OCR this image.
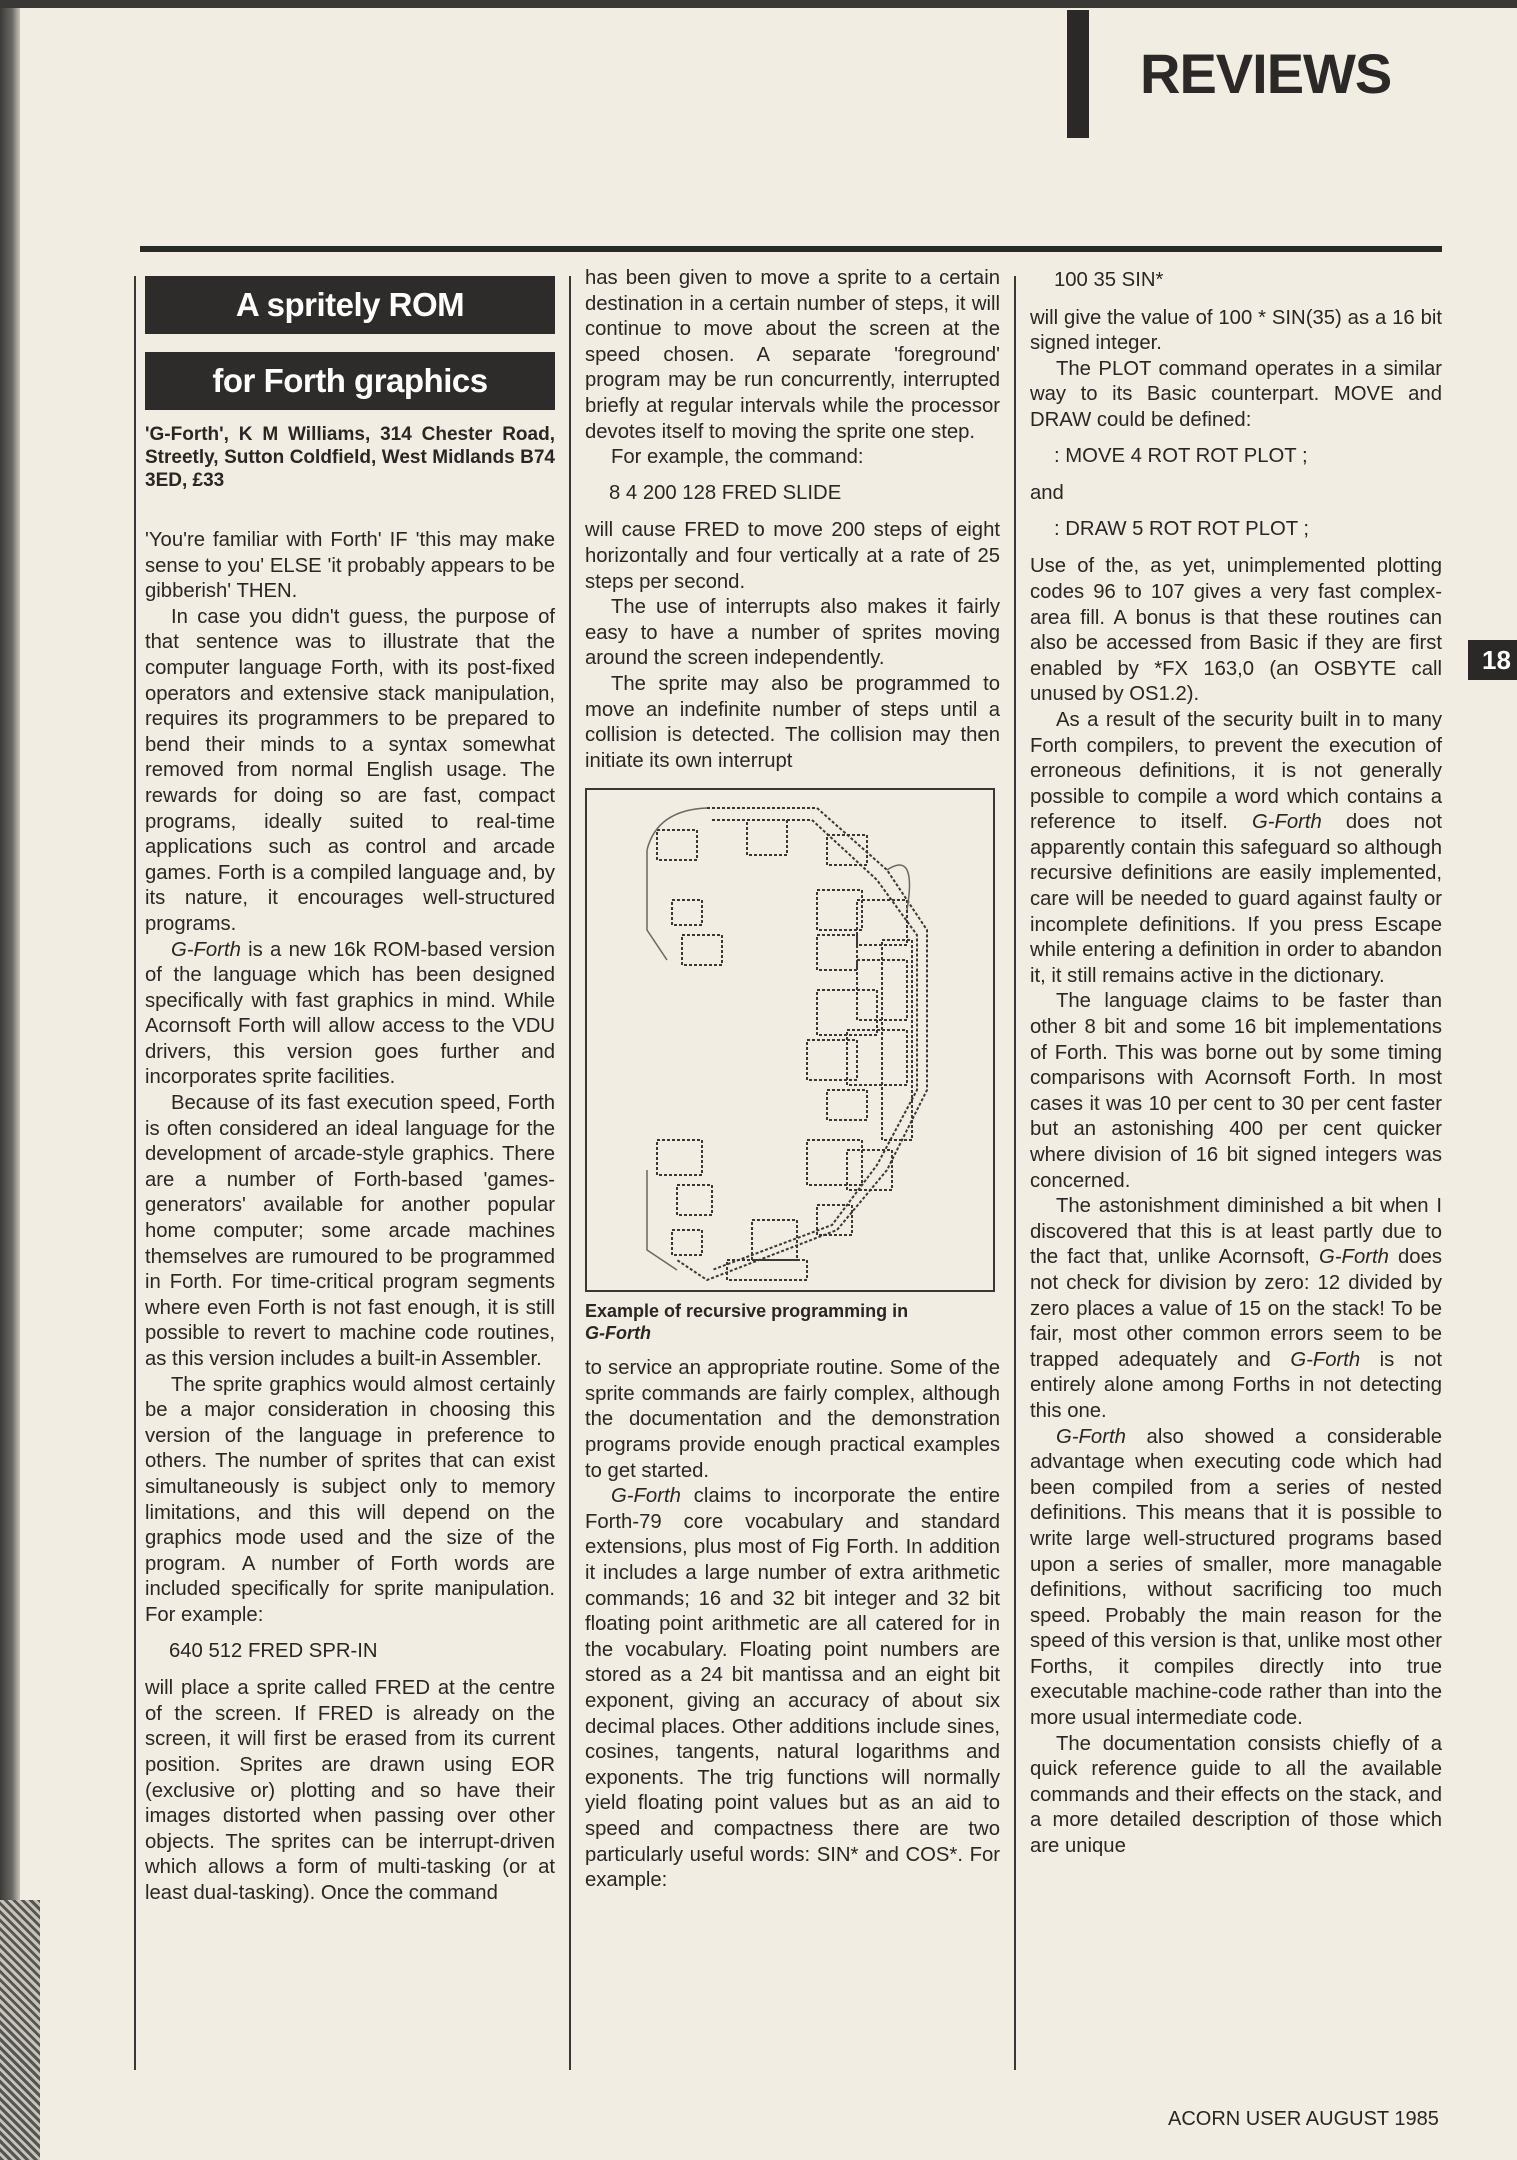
REVIEWS
18
A spritely ROM
for Forth graphics
'G-Forth', K M Williams, 314 Chester Road, Streetly, Sutton Coldfield, West Midlands B74 3ED, £33

'You're familiar with Forth' IF 'this may make sense to you' ELSE 'it probably appears to be gibberish' THEN.

In case you didn't guess, the purpose of that sentence was to illustrate that the computer language Forth, with its post-fixed operators and extensive stack manipulation, requires its programmers to be prepared to bend their minds to a syntax somewhat removed from normal English usage. The rewards for doing so are fast, compact programs, ideally suited to real-time applications such as control and arcade games. Forth is a compiled language and, by its nature, it encourages well-structured programs.

G-Forth is a new 16k ROM-based version of the language which has been designed specifically with fast graphics in mind. While Acornsoft Forth will allow access to the VDU drivers, this version goes further and incorporates sprite facilities.

Because of its fast execution speed, Forth is often considered an ideal language for the development of arcade-style graphics. There are a number of Forth-based 'games-generators' available for another popular home computer; some arcade machines themselves are rumoured to be programmed in Forth. For time-critical program segments where even Forth is not fast enough, it is still possible to revert to machine code routines, as this version includes a built-in Assembler.

The sprite graphics would almost certainly be a major consideration in choosing this version of the language in preference to others. The number of sprites that can exist simultaneously is subject only to memory limitations, and this will depend on the graphics mode used and the size of the program. A number of Forth words are included specifically for sprite manipulation. For example:

640 512 FRED SPR-IN

will place a sprite called FRED at the centre of the screen. If FRED is already on the screen, it will first be erased from its current position. Sprites are drawn using EOR (exclusive or) plotting and so have their images distorted when passing over other objects. The sprites can be interrupt-driven which allows a form of multi-tasking (or at least dual-tasking). Once the command

has been given to move a sprite to a certain destination in a certain number of steps, it will continue to move about the screen at the speed chosen. A separate 'foreground' program may be run concurrently, interrupted briefly at regular intervals while the processor devotes itself to moving the sprite one step.

For example, the command:

8 4 200 128 FRED SLIDE

will cause FRED to move 200 steps of eight horizontally and four vertically at a rate of 25 steps per second.

The use of interrupts also makes it fairly easy to have a number of sprites moving around the screen independently.

The sprite may also be programmed to move an indefinite number of steps until a collision is detected. The collision may then initiate its own interrupt

Example of recursive programming in
G-Forth

to service an appropriate routine. Some of the sprite commands are fairly complex, although the documentation and the demonstration programs provide enough practical examples to get started.

G-Forth claims to incorporate the entire Forth-79 core vocabulary and standard extensions, plus most of Fig Forth. In addition it includes a large number of extra arithmetic commands; 16 and 32 bit integer and 32 bit floating point arithmetic are all catered for in the vocabulary. Floating point numbers are stored as a 24 bit mantissa and an eight bit exponent, giving an accuracy of about six decimal places. Other additions include sines, cosines, tangents, natural logarithms and exponents. The trig functions will normally yield floating point values but as an aid to speed and compactness there are two particularly useful words: SIN* and COS*. For example:

100 35 SIN*

will give the value of 100 * SIN(35) as a 16 bit signed integer.

The PLOT command operates in a similar way to its Basic counterpart. MOVE and DRAW could be defined:

: MOVE 4 ROT ROT PLOT ;

and

: DRAW 5 ROT ROT PLOT ;

Use of the, as yet, unimplemented plotting codes 96 to 107 gives a very fast complex-area fill. A bonus is that these routines can also be accessed from Basic if they are first enabled by *FX 163,0 (an OSBYTE call unused by OS1.2).

As a result of the security built in to many Forth compilers, to prevent the execution of erroneous definitions, it is not generally possible to compile a word which contains a reference to itself. G-Forth does not apparently contain this safeguard so although recursive definitions are easily implemented, care will be needed to guard against faulty or incomplete definitions. If you press Escape while entering a definition in order to abandon it, it still remains active in the dictionary.

The language claims to be faster than other 8 bit and some 16 bit implementations of Forth. This was borne out by some timing comparisons with Acornsoft Forth. In most cases it was 10 per cent to 30 per cent faster but an astonishing 400 per cent quicker where division of 16 bit signed integers was concerned.

The astonishment diminished a bit when I discovered that this is at least partly due to the fact that, unlike Acornsoft, G-Forth does not check for division by zero: 12 divided by zero places a value of 15 on the stack! To be fair, most other common errors seem to be trapped adequately and G-Forth is not entirely alone among Forths in not detecting this one.

G-Forth also showed a considerable advantage when executing code which had been compiled from a series of nested definitions. This means that it is possible to write large well-structured programs based upon a series of smaller, more managable definitions, without sacrificing too much speed. Probably the main reason for the speed of this version is that, unlike most other Forths, it compiles directly into true executable machine-code rather than into the more usual intermediate code.

The documentation consists chiefly of a quick reference guide to all the available commands and their effects on the stack, and a more detailed description of those which are unique

ACORN USER AUGUST 1985
